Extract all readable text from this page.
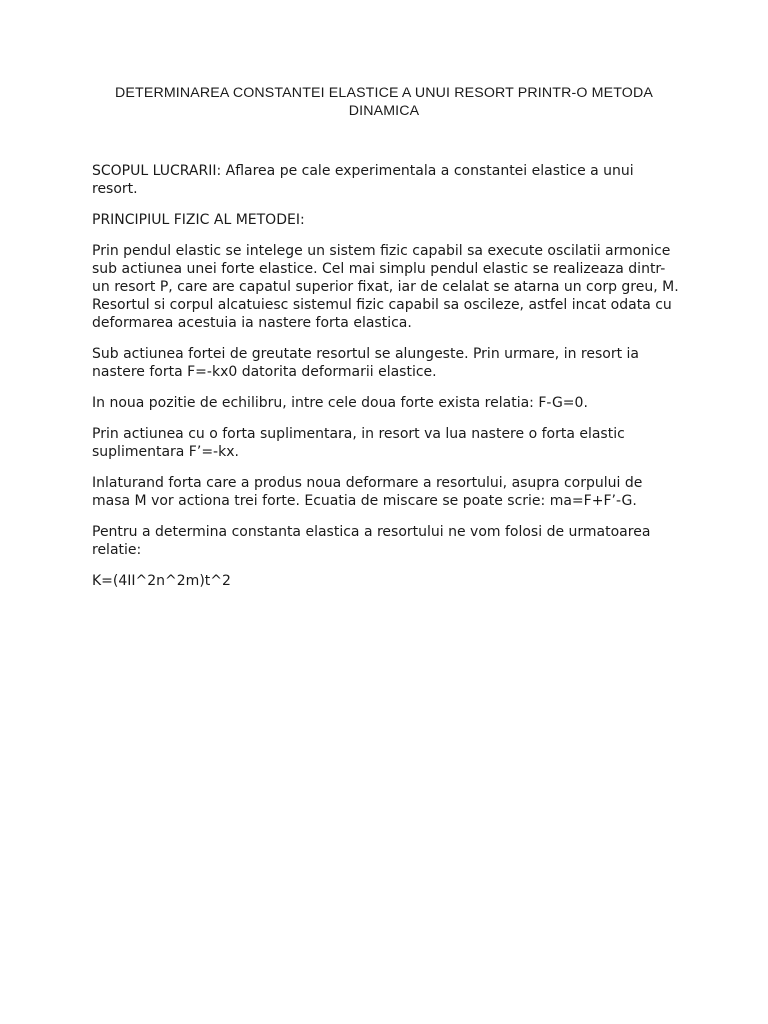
DETERMINAREA CONSTANTEI ELASTICE A UNUI RESORT PRINTR-O METODA DINAMICA

SCOPUL LUCRARII: Aflarea pe cale experimentala a constantei elastice a unui resort.

PRINCIPIUL FIZIC AL METODEI:

Prin pendul elastic se intelege un sistem fizic capabil sa execute oscilatii armonice sub actiunea unei forte elastice. Cel mai simplu pendul elastic se realizeaza dintr-un resort P, care are capatul superior fixat, iar de celalat se atarna un corp greu, M. Resortul si corpul alcatuiesc sistemul fizic capabil sa oscileze, astfel incat odata cu deformarea acestuia ia nastere forta elastica.

Sub actiunea fortei de greutate resortul se alungeste. Prin urmare, in resort ia nastere forta F=-kx0 datorita deformarii elastice.

In noua pozitie de echilibru, intre cele doua forte exista relatia: F-G=0.

Prin actiunea cu o forta suplimentara, in resort va lua nastere o forta elastic suplimentara F’=-kx.

Inlaturand forta care a produs noua deformare a resortului, asupra corpului de masa M vor actiona trei forte. Ecuatia de miscare se poate scrie: ma=F+F’-G.

Pentru a determina constanta elastica a resortului ne vom folosi de urmatoarea relatie:

K=(4II^2n^2m)t^2
